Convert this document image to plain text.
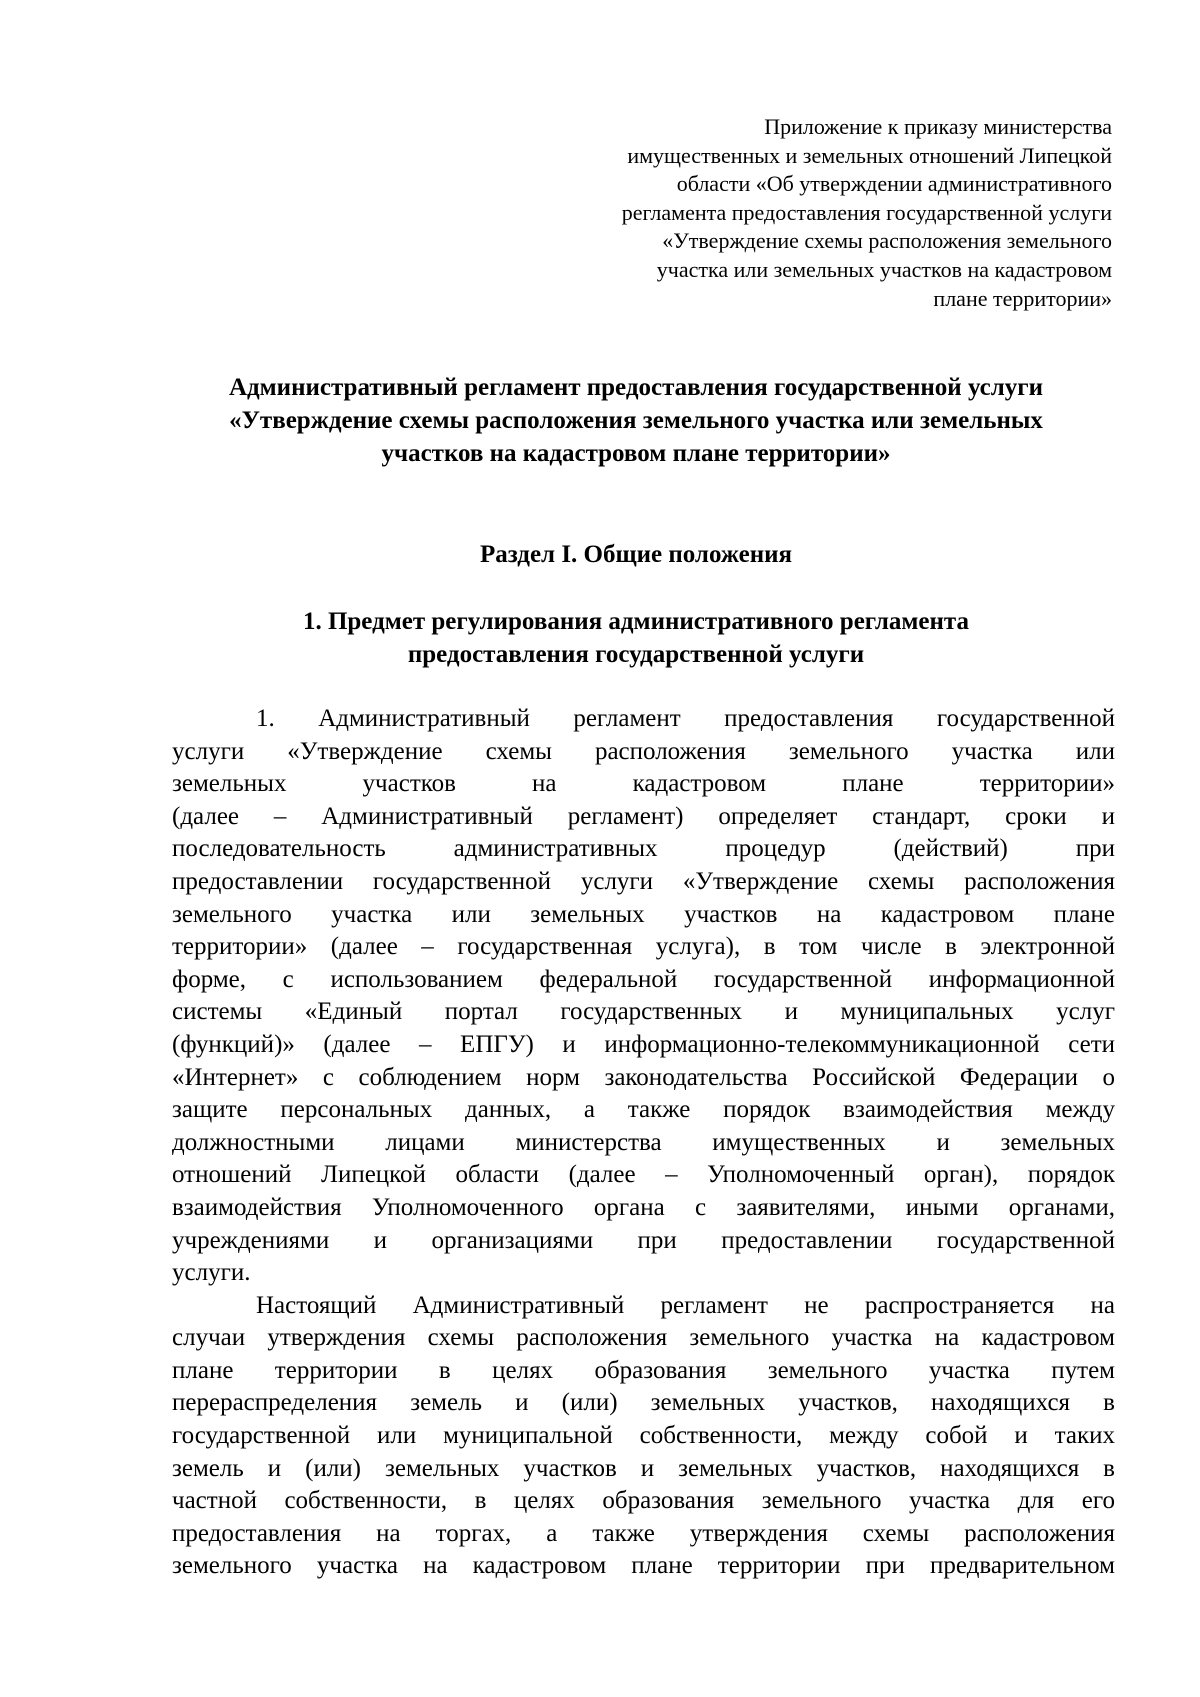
Приложение к приказу министерства
имущественных и земельных отношений Липецкой
области «Об утверждении административного
регламента предоставления государственной услуги
«Утверждение схемы расположения земельного
участка или земельных участков на кадастровом
плане территории»
Административный регламент предоставления государственной услуги
«Утверждение схемы расположения земельного участка или земельных
участков на кадастровом плане территории»
Раздел I. Общие положения
1. Предмет регулирования административного регламента
предоставления государственной услуги
1. Административный регламент предоставления государственной
услуги «Утверждение схемы расположения земельного участка или
земельных участков на кадастровом плане территории»
(далее – Административный регламент) определяет стандарт, сроки и
последовательность административных процедур (действий) при
предоставлении государственной услуги «Утверждение схемы расположения
земельного участка или земельных участков на кадастровом плане
территории» (далее – государственная услуга), в том числе в электронной
форме, с использованием федеральной государственной информационной
системы «Единый портал государственных и муниципальных услуг
(функций)» (далее – ЕПГУ) и информационно-телекоммуникационной сети
«Интернет» с соблюдением норм законодательства Российской Федерации о
защите персональных данных, а также порядок взаимодействия между
должностными лицами министерства имущественных и земельных
отношений Липецкой области (далее – Уполномоченный орган), порядок
взаимодействия Уполномоченного органа с заявителями, иными органами,
учреждениями и организациями при предоставлении государственной
услуги.
Настоящий Административный регламент не распространяется на
случаи утверждения схемы расположения земельного участка на кадастровом
плане территории в целях образования земельного участка путем
перераспределения земель и (или) земельных участков, находящихся в
государственной или муниципальной собственности, между собой и таких
земель и (или) земельных участков и земельных участков, находящихся в
частной собственности, в целях образования земельного участка для его
предоставления на торгах, а также утверждения схемы расположения
земельного участка на кадастровом плане территории при предварительном
